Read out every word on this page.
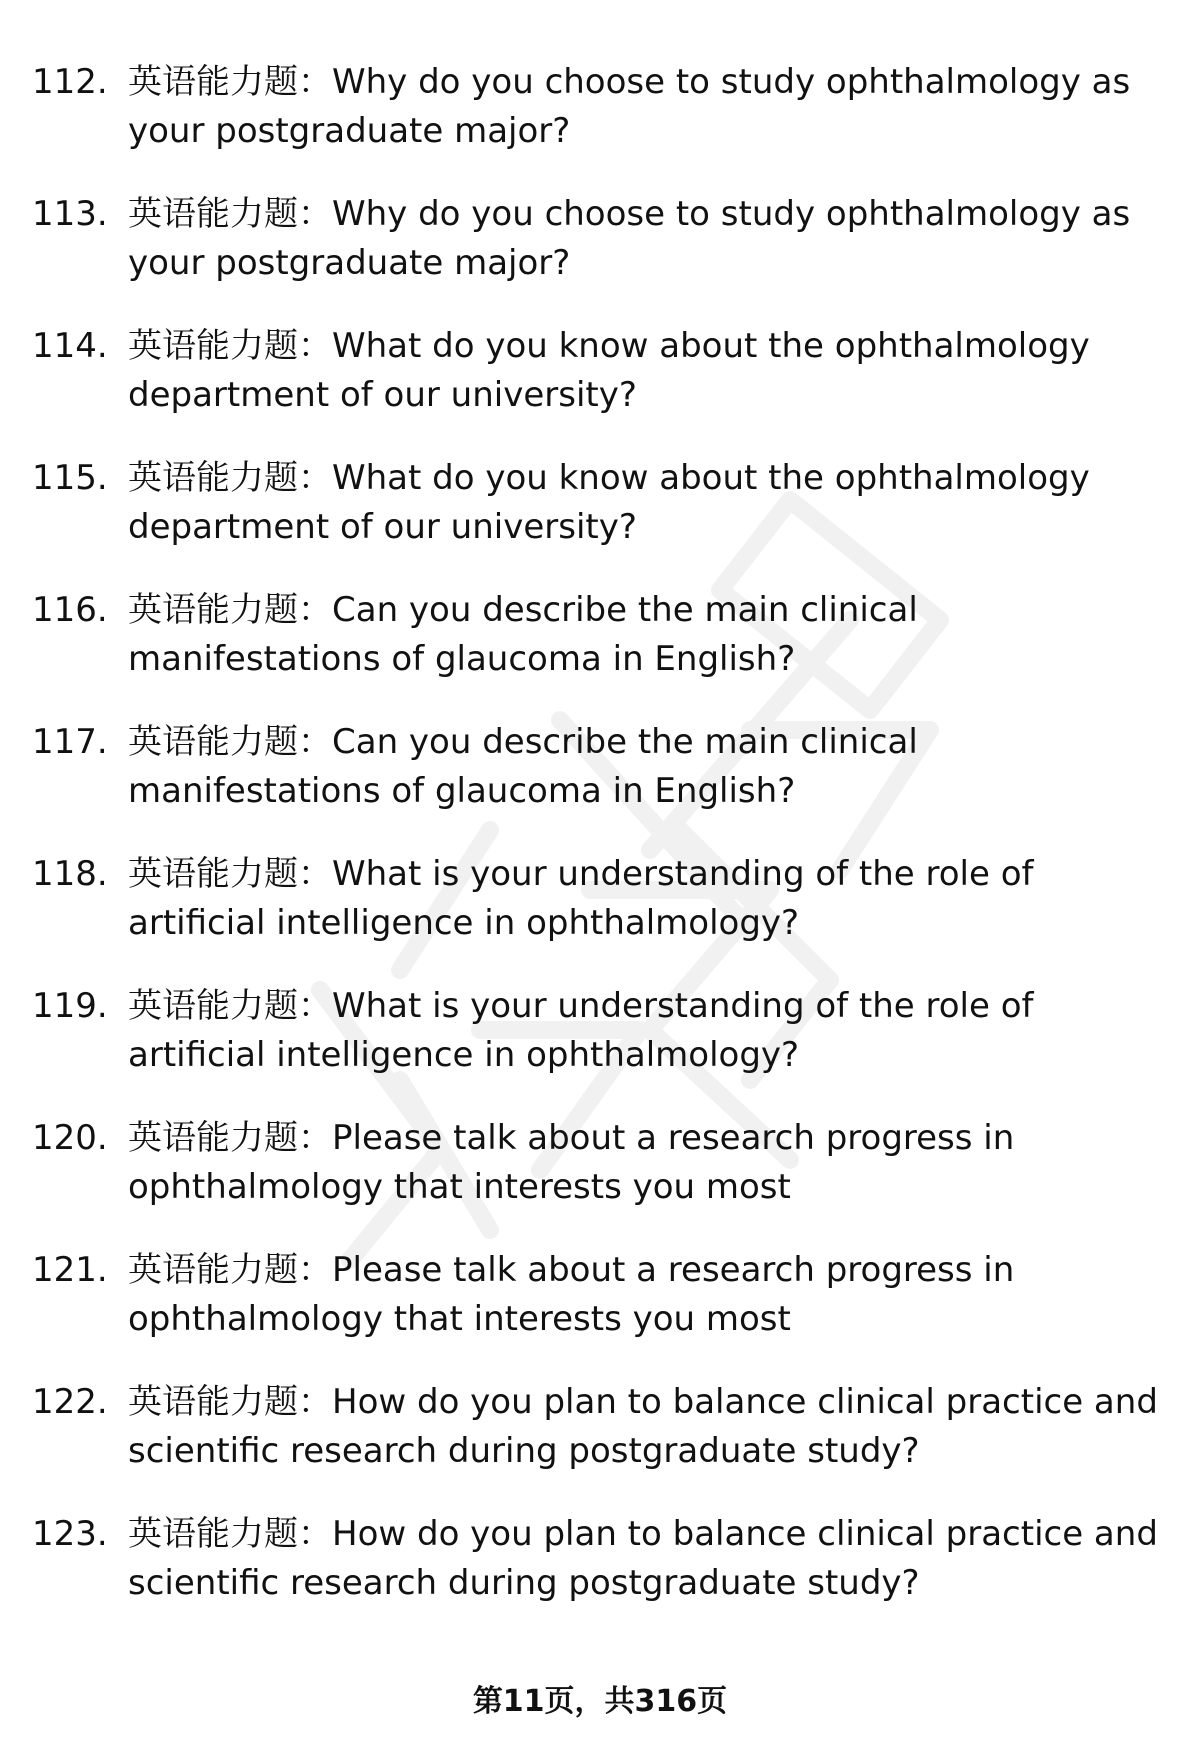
112. 英语能力题：Why do you choose to study ophthalmology as your postgraduate major?
113. 英语能力题：Why do you choose to study ophthalmology as your postgraduate major?
114. 英语能力题：What do you know about the ophthalmology department of our university?
115. 英语能力题：What do you know about the ophthalmology department of our university?
116. 英语能力题：Can you describe the main clinical manifestations of glaucoma in English?
117. 英语能力题：Can you describe the main clinical manifestations of glaucoma in English?
118. 英语能力题：What is your understanding of the role of artificial intelligence in ophthalmology?
119. 英语能力题：What is your understanding of the role of artificial intelligence in ophthalmology?
120. 英语能力题：Please talk about a research progress in ophthalmology that interests you most
121. 英语能力题：Please talk about a research progress in ophthalmology that interests you most
122. 英语能力题：How do you plan to balance clinical practice and scientific research during postgraduate study?
123. 英语能力题：How do you plan to balance clinical practice and scientific research during postgraduate study?
第11页，共316页
